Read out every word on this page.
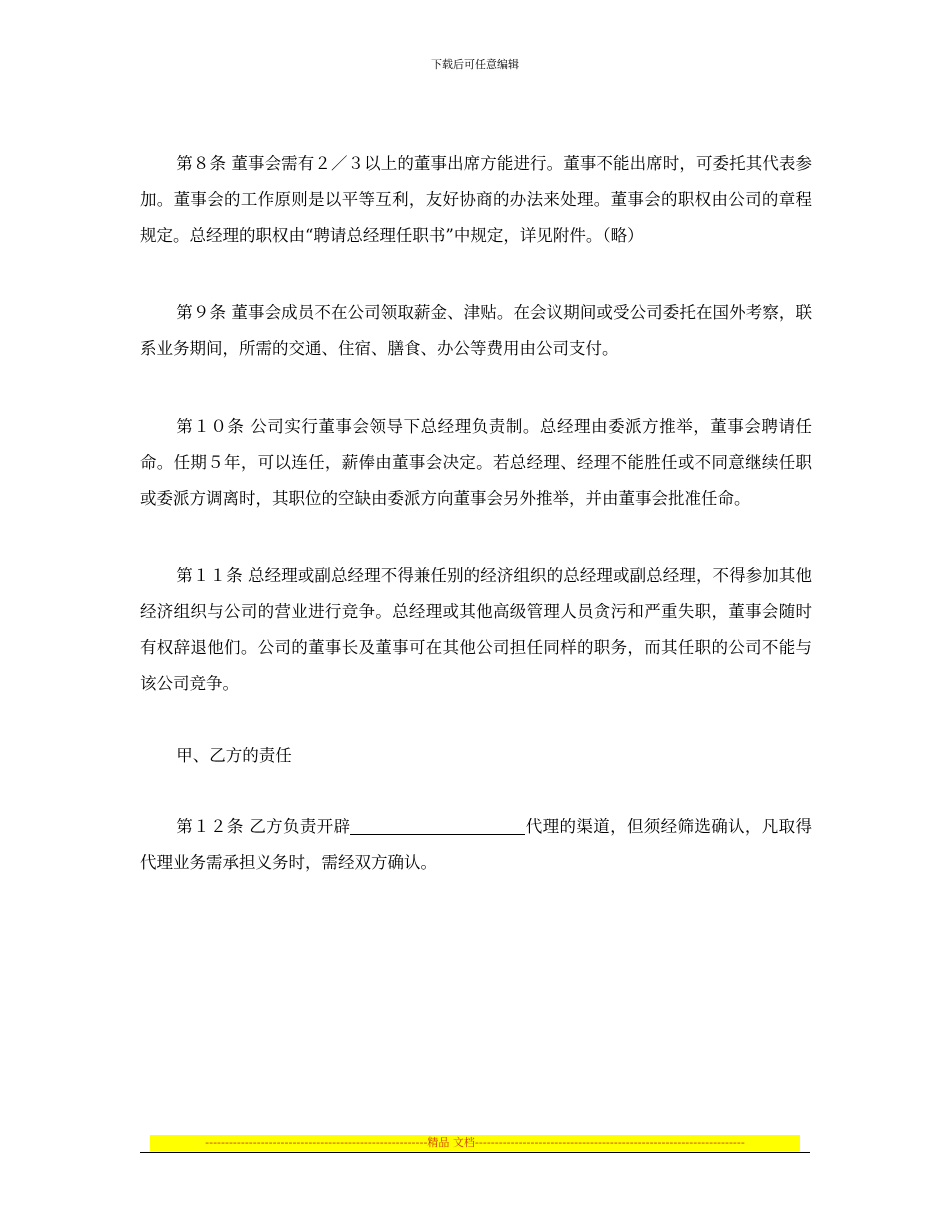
下载后可任意编辑

第８条 董事会需有２／３以上的董事出席方能进行。董事不能出席时，可委托其代表参加。董事会的工作原则是以平等互利，友好协商的办法来处理。董事会的职权由公司的章程规定。总经理的职权由“聘请总经理任职书”中规定，详见附件。（略）

第９条 董事会成员不在公司领取薪金、津贴。在会议期间或受公司委托在国外考察，联系业务期间，所需的交通、住宿、膳食、办公等费用由公司支付。

第１０条 公司实行董事会领导下总经理负责制。总经理由委派方推举，董事会聘请任命。任期５年，可以连任，薪俸由董事会决定。若总经理、经理不能胜任或不同意继续任职或委派方调离时，其职位的空缺由委派方向董事会另外推举，并由董事会批准任命。

第１１条 总经理或副总经理不得兼任别的经济组织的总经理或副总经理，不得参加其他经济组织与公司的营业进行竞争。总经理或其他高级管理人员贪污和严重失职，董事会随时有权辞退他们。公司的董事长及董事可在其他公司担任同样的职务，而其任职的公司不能与该公司竞争。

甲、乙方的责任

第１２条 乙方负责开辟	代理的渠道，但须经筛选确认，凡取得代理业务需承担义务时，需经双方确认。

--------------------------------------------------------精品 文档--------------------------------------------------------------------
